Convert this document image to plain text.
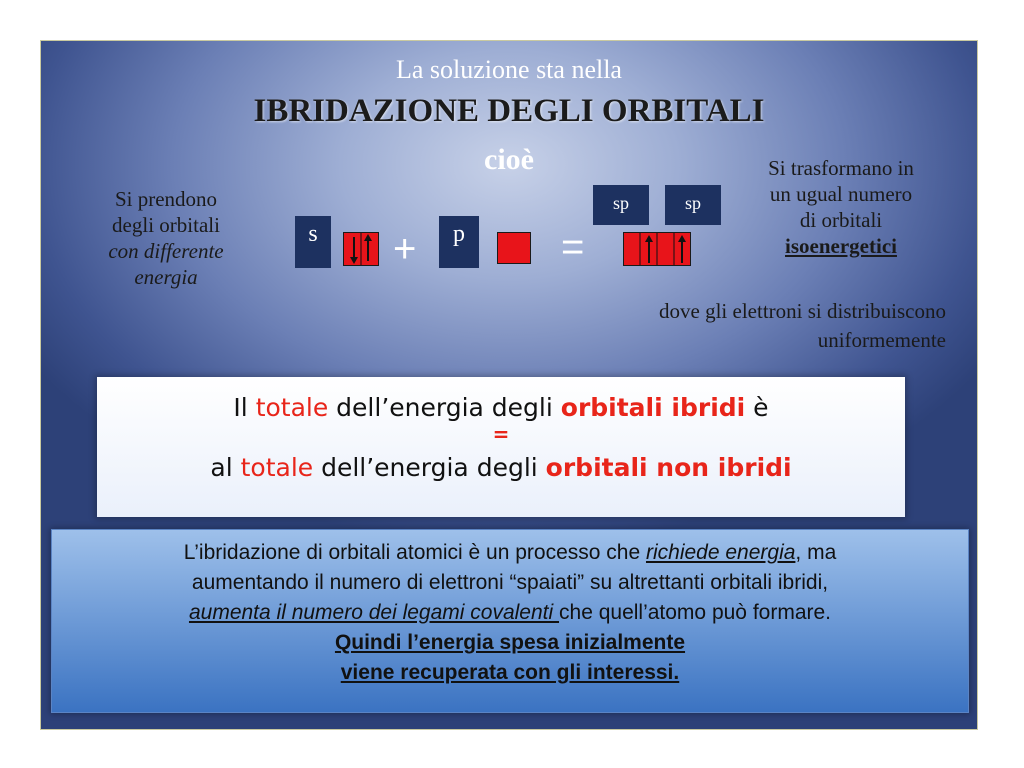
La soluzione sta nella
IBRIDAZIONE DEGLI ORBITALI
cioè
Si prendono
degli orbitali
con differente
energia
Si trasformano in
un ugual numero
di orbitali
isoenergetici
s	+	p	=
sp	sp
dove gli elettroni si distribuiscono
uniformemente
Il totale dell’energia degli orbitali ibridi è
=
al totale dell’energia degli orbitali non ibridi
L’ibridazione di orbitali atomici è un processo che richiede energia, ma
aumentando il numero di elettroni “spaiati” su altrettanti orbitali ibridi,
aumenta il numero dei legami covalenti che quell’atomo può formare.
Quindi l’energia spesa inizialmente
viene recuperata con gli interessi.
